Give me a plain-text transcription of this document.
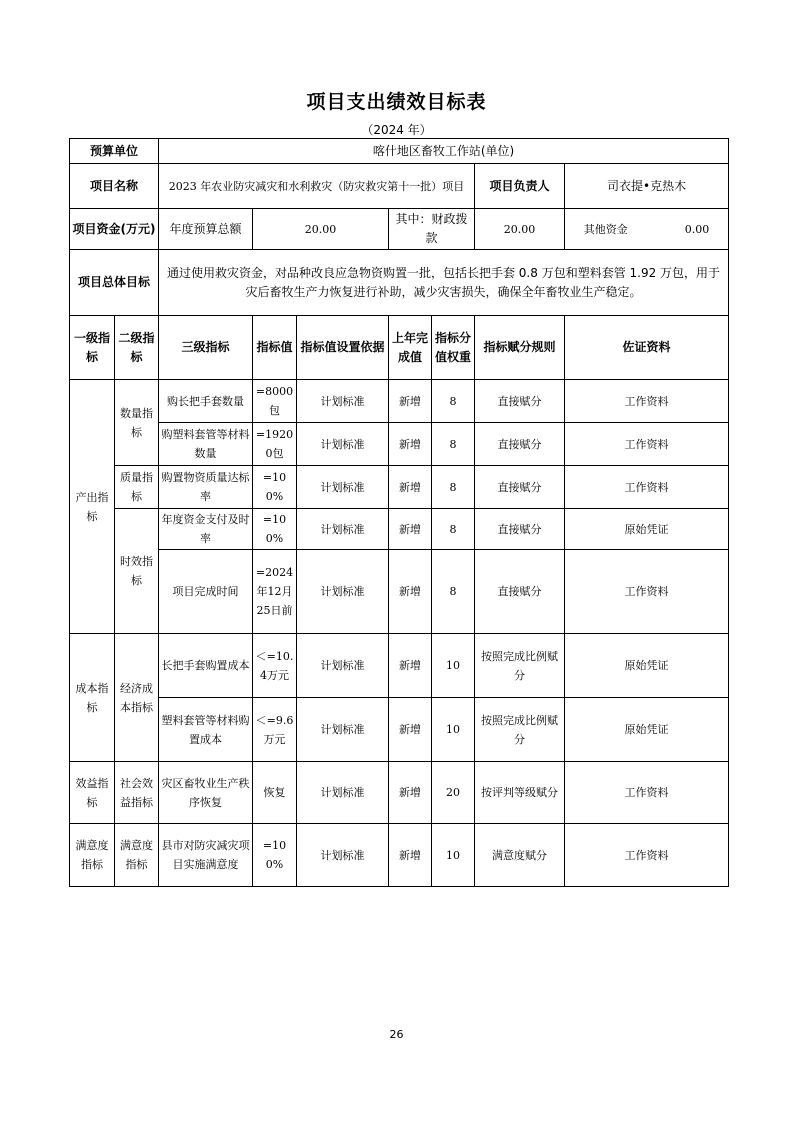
项目支出绩效目标表
（2024 年）
预算单位		喀什地区畜牧工作站(单位)						
项目名称		2023 年农业防灾减灾和水利救灾（防灾救灾第十一批）项目					项目负责人	司衣提•克热木
项目资金(万元)		年度预算总额	20.00		其中：财政拨款		20.00	其他资金 0.00
项目总体目标		通过使用救灾资金，对品种改良应急物资购置一批，包括长把手套 0.8 万包和塑料套管 1.92 万包，用于灾后畜牧生产力恢复进行补助，减少灾害损失，确保全年畜牧业生产稳定。						
一级指标	二级指标	三级指标	指标值	指标值设置依据	上年完成值	指标分值权重	指标赋分规则	佐证资料
产出指标	数量指标	购长把手套数量	=8000包	计划标准	新增	8	直接赋分	工作资料
		购塑料套管等材料数量	=19200包	计划标准	新增	8	直接赋分	工作资料
	质量指标	购置物资质量达标率	=100%	计划标准	新增	8	直接赋分	工作资料
	时效指标	年度资金支付及时率	=100%	计划标准	新增	8	直接赋分	原始凭证
		项目完成时间	=2024年12月25日前	计划标准	新增	8	直接赋分	工作资料
成本指标	经济成本指标	长把手套购置成本	＜=10.4万元	计划标准	新增	10	按照完成比例赋分	原始凭证
		塑料套管等材料购置成本	＜=9.6万元	计划标准	新增	10	按照完成比例赋分	原始凭证
效益指标	社会效益指标	灾区畜牧业生产秩序恢复	恢复	计划标准	新增	20	按评判等级赋分	工作资料
满意度指标	满意度指标	县市对防灾减灾项目实施满意度	=100%	计划标准	新增	10	满意度赋分	工作资料
26
